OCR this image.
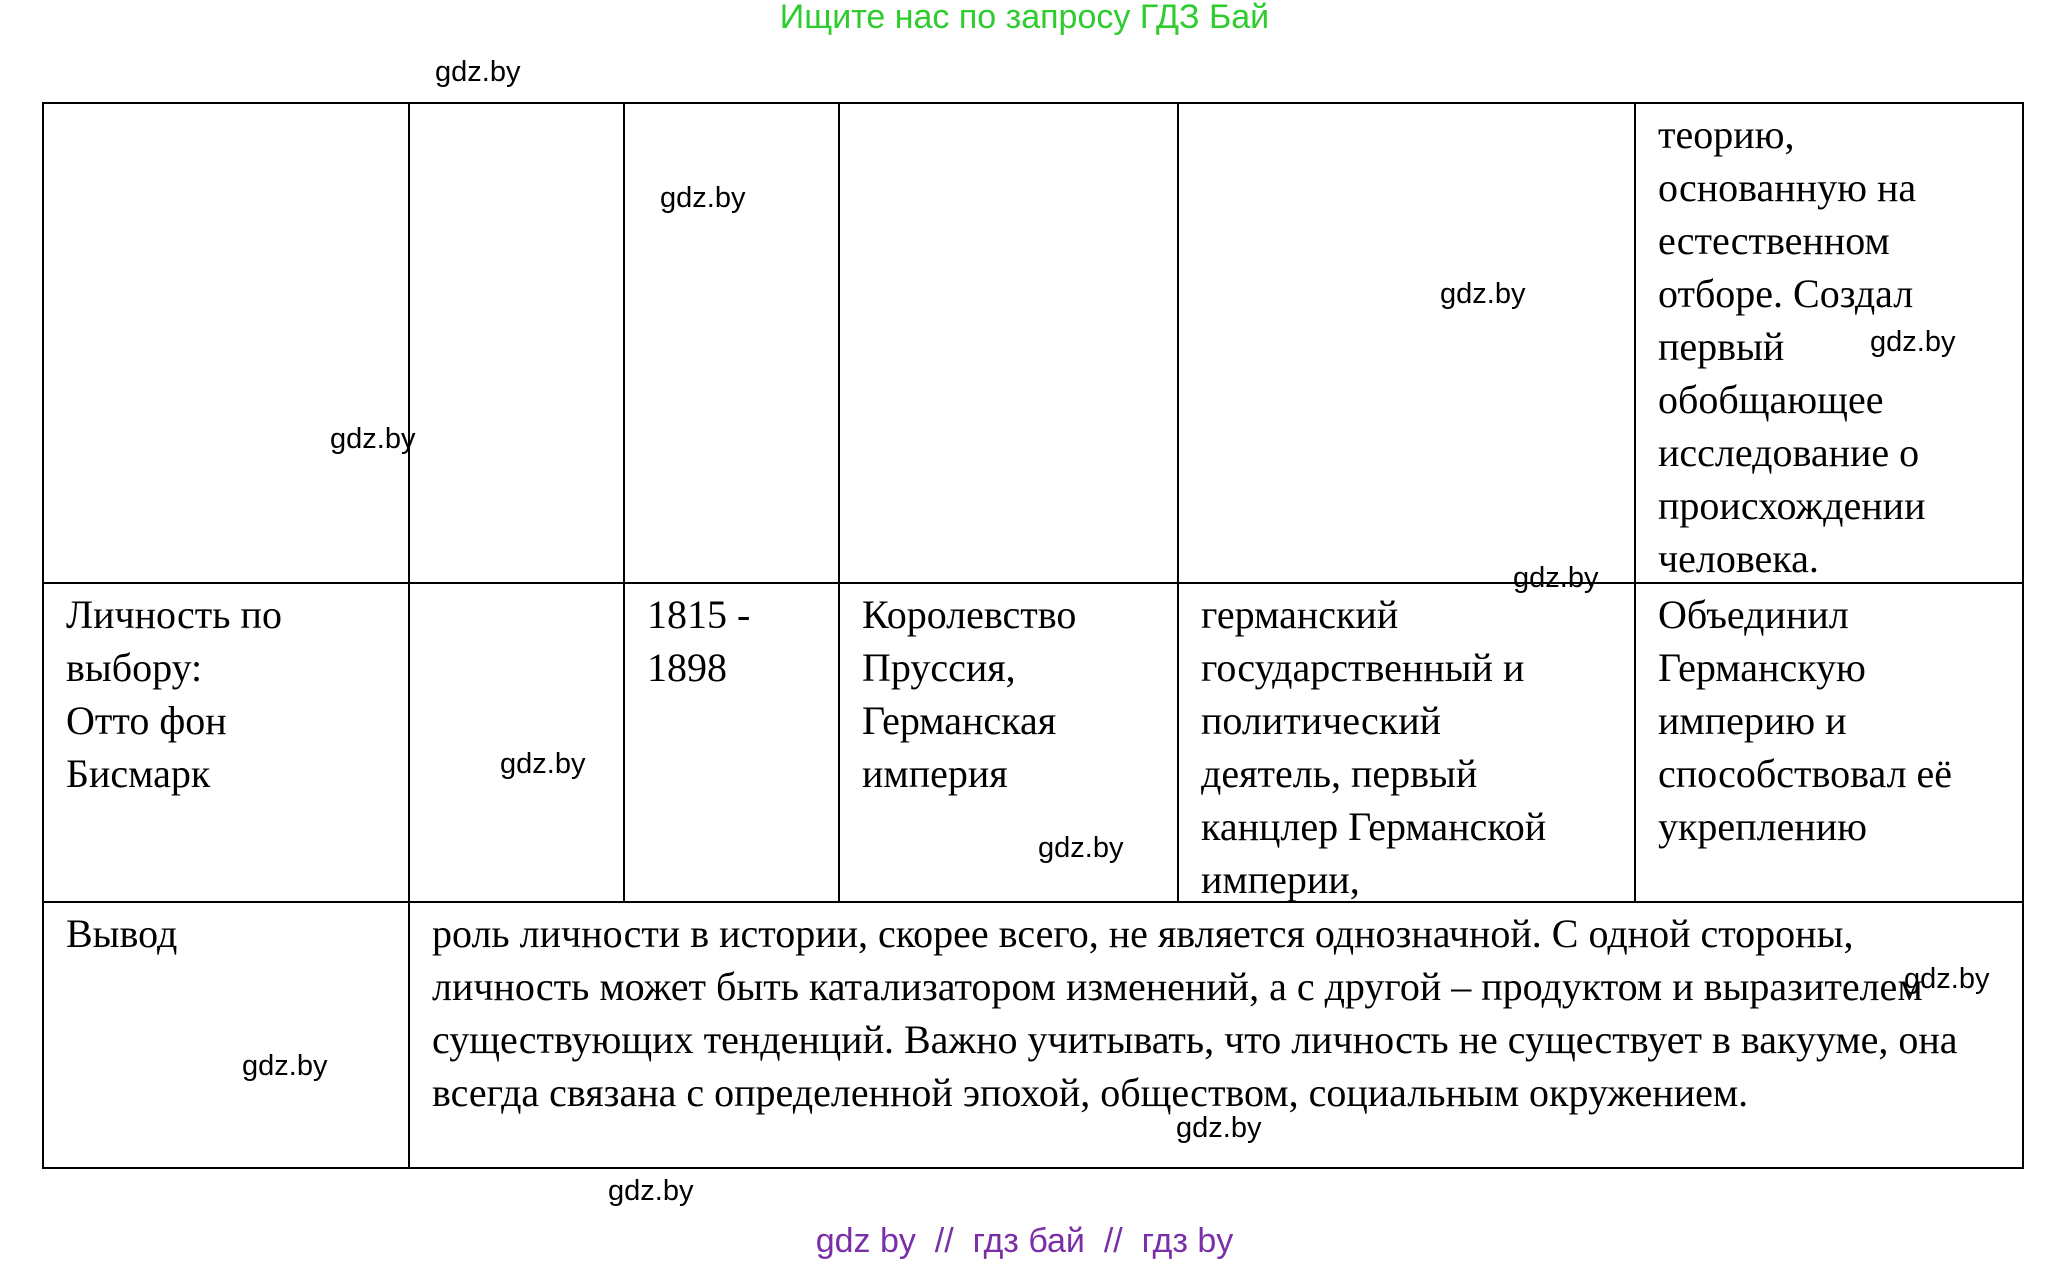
Ищите нас по запросу ГДЗ Бай
теорию,
основанную на
естественном
отборе. Создал
первый
обобщающее
исследование о
происхождении
человека.
Личность по
выбору:
Отто фон
Бисмарк
1815 -
1898
Королевство
Пруссия,
Германская
империя
германский
государственный и
политический
деятель, первый
канцлер Германской
империи,
Объединил
Германскую
империю и
способствовал её
укреплению
Вывод	роль личности в истории, скорее всего, не является однозначной. С одной стороны, личность может быть катализатором изменений, а с другой – продуктом и выразителем существующих тенденций. Важно учитывать, что личность не существует в вакууме, она всегда связана с определенной эпохой, обществом, социальным окружением.
gdz.by
gdz.by
gdz.by
gdz.by
gdz.by
gdz.by
gdz.by
gdz.by
gdz.by
gdz.by
gdz.by
gdz.by
gdz by  //  гдз бай  //  гдз by
